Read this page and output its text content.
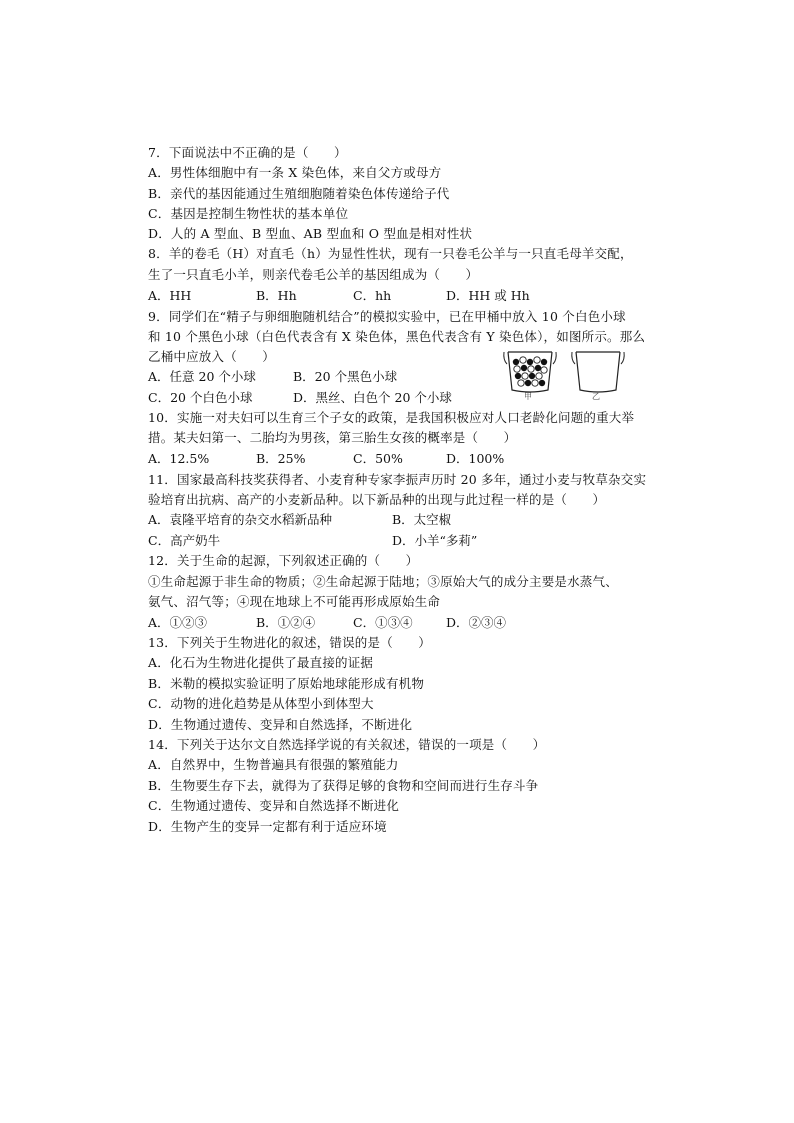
7．下面说法中不正确的是（　　）
A．男性体细胞中有一条 X 染色体，来自父方或母方
B．亲代的基因能通过生殖细胞随着染色体传递给子代
C．基因是控制生物性状的基本单位
D．人的 A 型血、B 型血、AB 型血和 O 型血是相对性状
8．羊的卷毛（H）对直毛（h）为显性性状，现有一只卷毛公羊与一只直毛母羊交配，
生了一只直毛小羊，则亲代卷毛公羊的基因组成为（　　）
A．HH	B．Hh	C．hh	D．HH 或 Hh
9．同学们在“精子与卵细胞随机结合”的模拟实验中，已在甲桶中放入 10 个白色小球
和 10 个黑色小球（白色代表含有 X 染色体，黑色代表含有 Y 染色体），如图所示。那么
乙桶中应放入（　　）
A．任意 20 个小球	B．20 个黑色小球
C．20 个白色小球	D．黑丝、白色个 20 个小球	甲	乙
10．实施一对夫妇可以生育三个子女的政策，是我国积极应对人口老龄化问题的重大举
措。某夫妇第一、二胎均为男孩，第三胎生女孩的概率是（　　）
A．12.5%	B．25%	C．50%	D．100%
11．国家最高科技奖获得者、小麦育种专家李振声历时 20 多年，通过小麦与牧草杂交实
验培育出抗病、高产的小麦新品种。以下新品种的出现与此过程一样的是（　　）
A．袁隆平培育的杂交水稻新品种	B．太空椒
C．高产奶牛	D．小羊“多莉”
12．关于生命的起源，下列叙述正确的（　　）
①生命起源于非生命的物质；②生命起源于陆地；③原始大气的成分主要是水蒸气、
氨气、沼气等；④现在地球上不可能再形成原始生命
A．①②③	B．①②④	C．①③④	D．②③④
13．下列关于生物进化的叙述，错误的是（　　）
A．化石为生物进化提供了最直接的证据
B．米勒的模拟实验证明了原始地球能形成有机物
C．动物的进化趋势是从体型小到体型大
D．生物通过遗传、变异和自然选择，不断进化
14．下列关于达尔文自然选择学说的有关叙述，错误的一项是（　　）
A．自然界中，生物普遍具有很强的繁殖能力
B．生物要生存下去，就得为了获得足够的食物和空间而进行生存斗争
C．生物通过遗传、变异和自然选择不断进化
D．生物产生的变异一定都有利于适应环境
